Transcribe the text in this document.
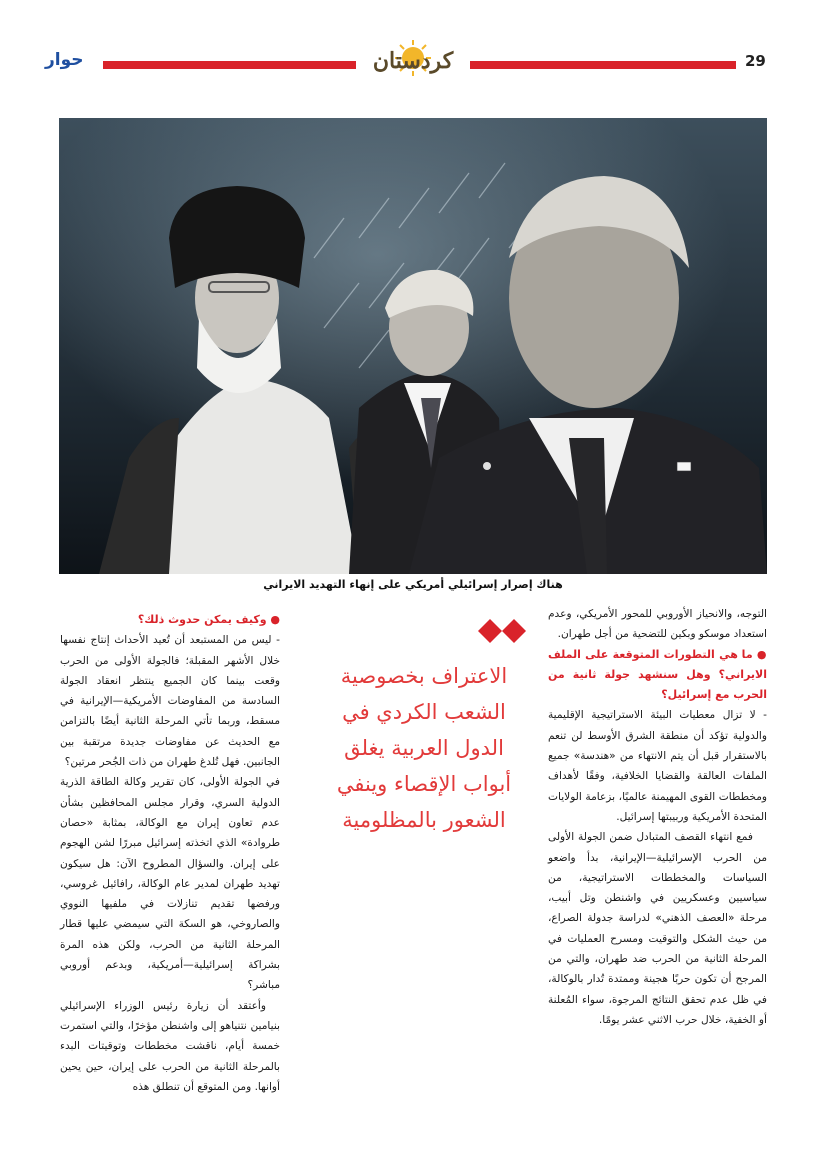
29
كردستان
حوار
هناك إصرار إسرائيلي أمريكي على إنهاء التهديد الايراني

التوجه، والانحياز الأوروبي للمحور الأمريكي، وعدم استعداد موسكو وبكين للتضحية من أجل طهران.

● ما هي التطورات المتوقعة على الملف الايراني؟ وهل سنشهد جولة ثانية من الحرب مع إسرائيل؟

- لا تزال معطيات البيئة الاستراتيجية الإقليمية والدولية تؤكد أن منطقة الشرق الأوسط لن تنعم بالاستقرار قبل أن يتم الانتهاء من «هندسة» جميع الملفات العالقة والقضايا الخلافية، وفقًا لأهداف ومخططات القوى المهيمنة عالميًا، بزعامة الولايات المتحدة الأمريكية وربيبتها إسرائيل.

فمع انتهاء القصف المتبادل ضمن الجولة الأولى من الحرب الإسرائيلية—الإيرانية، بدأ واضعو السياسات والمخططات الاستراتيجية، من سياسيين وعسكريين في واشنطن وتل أبيب، مرحلة «العصف الذهني» لدراسة جدولة الصراع، من حيث الشكل والتوقيت ومسرح العمليات في المرحلة الثانية من الحرب ضد طهران، والتي من المرجح أن تكون حربًا هجينة وممتدة تُدار بالوكالة، في ظل عدم تحقق النتائج المرجوة، سواء المُعلنة أو الخفية، خلال حرب الاثني عشر يومًا.

الاعتراف بخصوصية
الشعب الكردي في
الدول العربية يغلق
أبواب الإقصاء وينفي
الشعور بالمظلومية

● وكيف يمكن حدوث ذلك؟

- ليس من المستبعد أن تُعيد الأحداث إنتاج نفسها خلال الأشهر المقبلة؛ فالجولة الأولى من الحرب وقعت بينما كان الجميع ينتظر انعقاد الجولة السادسة من المفاوضات الأمريكية—الإيرانية في مسقط، وربما تأتي المرحلة الثانية أيضًا بالتزامن مع الحديث عن مفاوضات جديدة مرتقبة بين الجانبين. فهل تُلدغ طهران من ذات الجُحر مرتين؟

في الجولة الأولى، كان تقرير وكالة الطاقة الذرية الدولية السري، وقرار مجلس المحافظين بشأن عدم تعاون إيران مع الوكالة، بمثابة «حصان طروادة» الذي اتخذته إسرائيل مبررًا لشن الهجوم على إيران. والسؤال المطروح الآن: هل سيكون تهديد طهران لمدير عام الوكالة، رافائيل غروسي، ورفضها تقديم تنازلات في ملفيها النووي والصاروخي، هو السكة التي سيمضي عليها قطار المرحلة الثانية من الحرب، ولكن هذه المرة بشراكة إسرائيلية—أمريكية، وبدعم أوروبي مباشر؟

وأعتقد أن زيارة رئيس الوزراء الإسرائيلي بنيامين نتنياهو إلى واشنطن مؤخرًا، والتي استمرت خمسة أيام، ناقشت مخططات وتوقيتات البدء بالمرحلة الثانية من الحرب على إيران، حين يحين أوانها. ومن المتوقع أن تنطلق هذه
